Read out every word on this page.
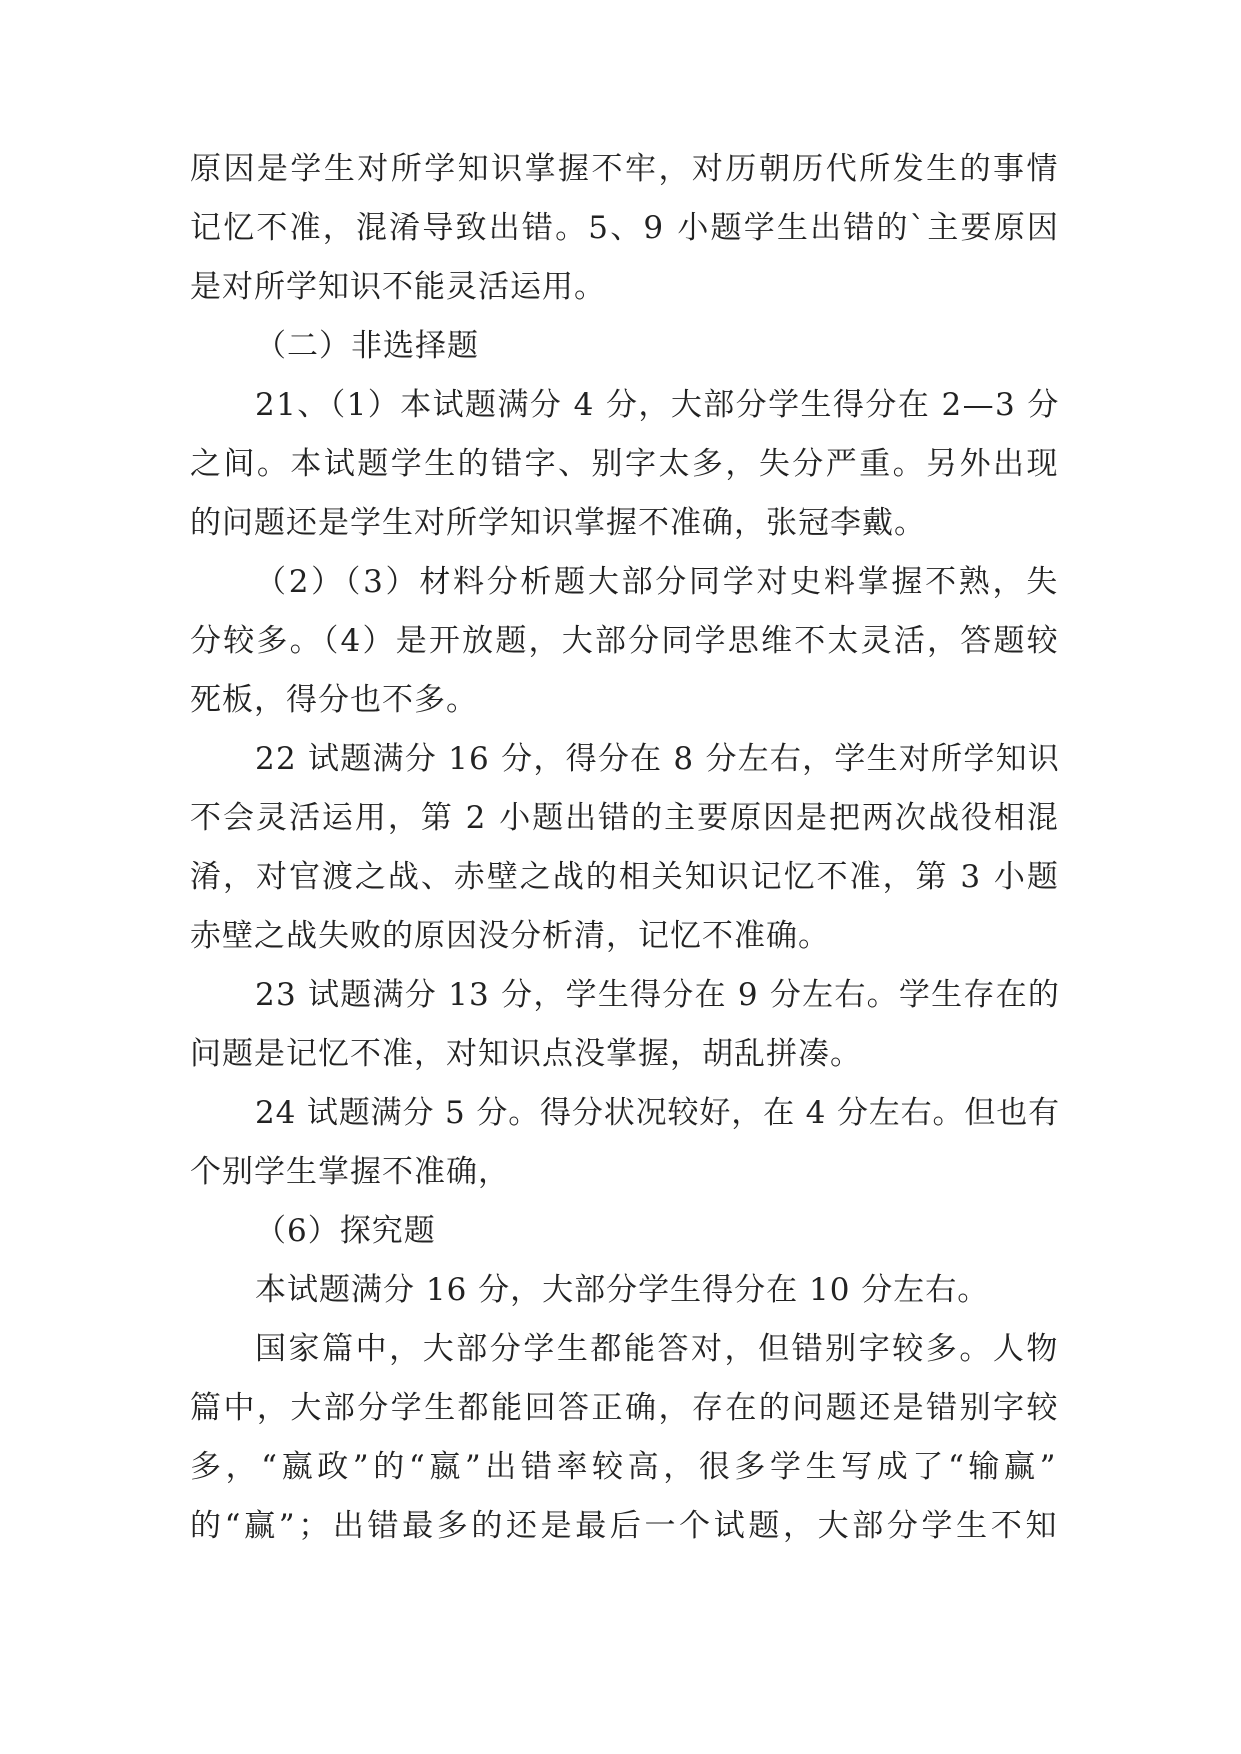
原因是学生对所学知识掌握不牢，对历朝历代所发生的事情
记忆不准，混淆导致出错。5、9 小题学生出错的`主要原因
是对所学知识不能灵活运用。
（二）非选择题
21、（1）本试题满分 4 分，大部分学生得分在 2—3 分
之间。本试题学生的错字、别字太多，失分严重。另外出现
的问题还是学生对所学知识掌握不准确，张冠李戴。
（2）（3）材料分析题大部分同学对史料掌握不熟，失
分较多。（4）是开放题，大部分同学思维不太灵活，答题较
死板，得分也不多。
22 试题满分 16 分，得分在 8 分左右，学生对所学知识
不会灵活运用，第 2 小题出错的主要原因是把两次战役相混
淆，对官渡之战、赤壁之战的相关知识记忆不准，第 3 小题
赤壁之战失败的原因没分析清，记忆不准确。
23 试题满分 13 分，学生得分在 9 分左右。学生存在的
问题是记忆不准，对知识点没掌握，胡乱拼凑。
24 试题满分 5 分。得分状况较好，在 4 分左右。但也有
个别学生掌握不准确，
（6）探究题
本试题满分 16 分，大部分学生得分在 10 分左右。
国家篇中，大部分学生都能答对，但错别字较多。人物
篇中，大部分学生都能回答正确，存在的问题还是错别字较
多，“嬴政”的“嬴”出错率较高，很多学生写成了“输赢”
的“赢”；出错最多的还是最后一个试题，大部分学生不知
